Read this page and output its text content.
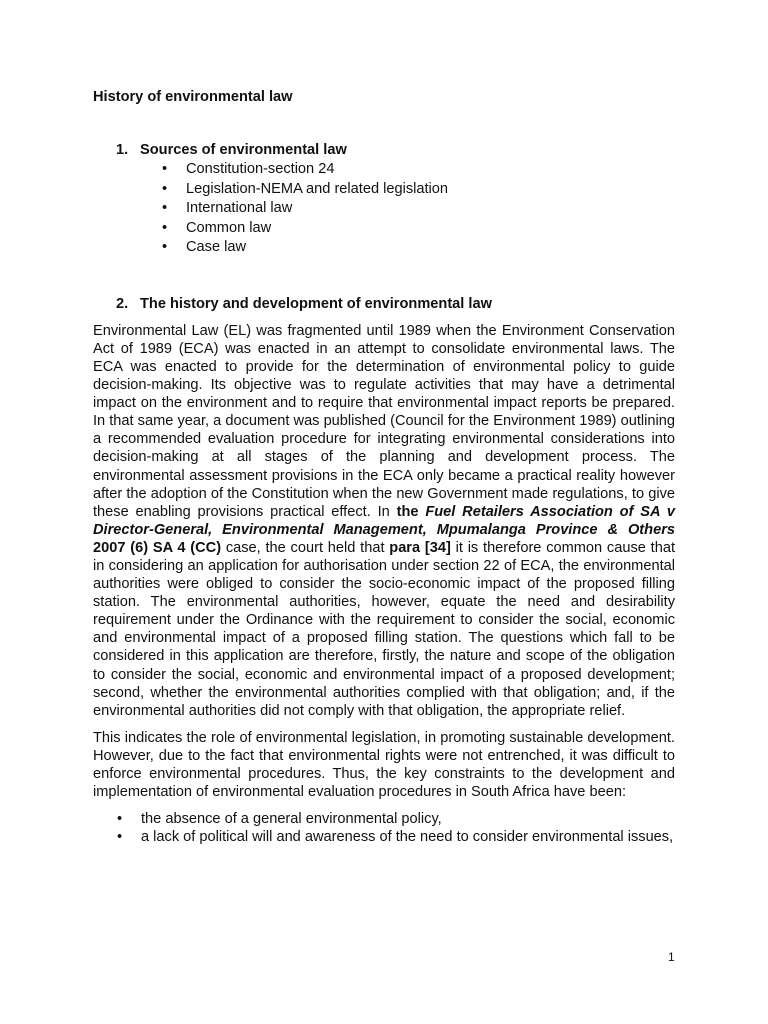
History of environmental law

1. Sources of environmental law
•	Constitution-section 24
•	Legislation-NEMA and related legislation
•	International law
•	Common law
•	Case law
2. The history and development of environmental law

Environmental Law (EL) was fragmented until 1989 when the Environment Conservation Act of 1989 (ECA) was enacted in an attempt to consolidate environmental laws. The ECA was enacted to provide for the determination of environmental policy to guide decision-making. Its objective was to regulate activities that may have a detrimental impact on the environment and to require that environmental impact reports be prepared. In that same year, a document was published (Council for the Environment 1989) outlining a recommended evaluation procedure for integrating environmental considerations into decision-making at all stages of the planning and development process. The environmental assessment provisions in the ECA only became a practical reality however after the adoption of the Constitution when the new Government made regulations, to give these enabling provisions practical effect. In the Fuel Retailers Association of SA v Director-General, Environmental Management, Mpumalanga Province & Others 2007 (6) SA 4 (CC) case, the court held that para [34] it is therefore common cause that in considering an application for authorisation under section 22 of ECA, the environmental authorities were obliged to consider the socio-economic impact of the proposed filling station. The environmental authorities, however, equate the need and desirability requirement under the Ordinance with the requirement to consider the social, economic and environmental impact of a proposed filling station. The questions which fall to be considered in this application are therefore, firstly, the nature and scope of the obligation to consider the social, economic and environmental impact of a proposed development; second, whether the environmental authorities complied with that obligation; and, if the environmental authorities did not comply with that obligation, the appropriate relief.

This indicates the role of environmental legislation, in promoting sustainable development. However, due to the fact that environmental rights were not entrenched, it was difficult to enforce environmental procedures. Thus, the key constraints to the development and implementation of environmental evaluation procedures in South Africa have been:

•	the absence of a general environmental policy,
•	a lack of political will and awareness of the need to consider environmental issues,
1
